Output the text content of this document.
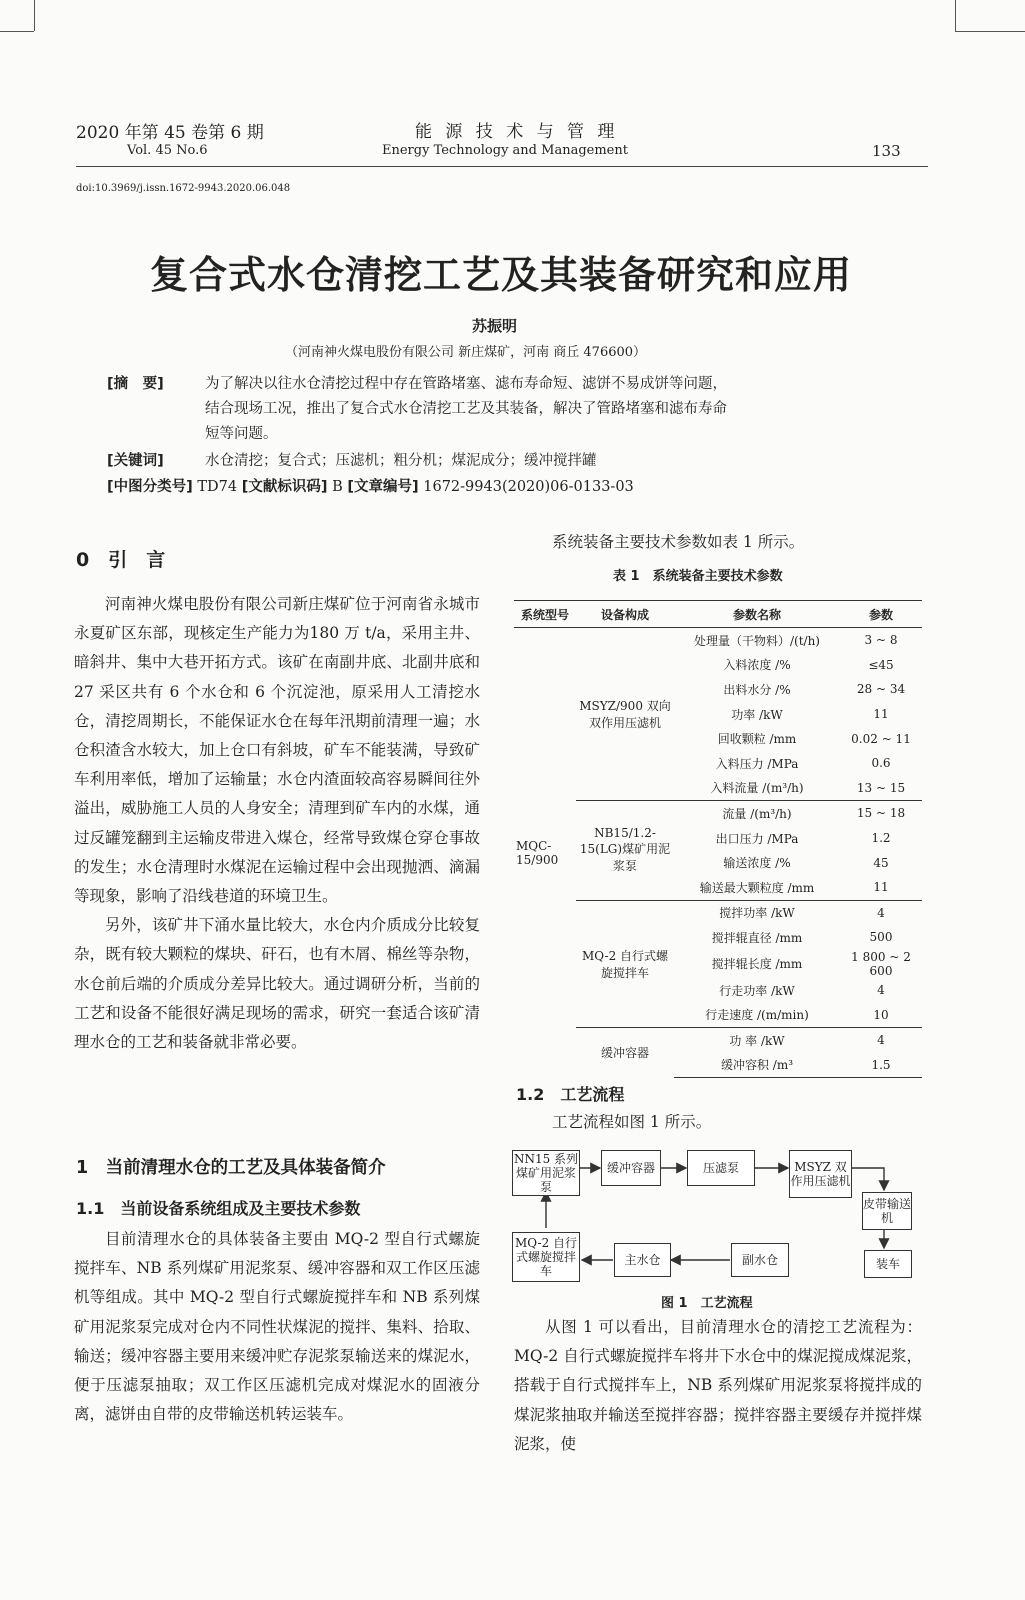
2020 年第 45 卷第 6 期
Vol. 45 No.6
能 源 技 术 与 管 理
Energy Technology and Management	133
doi:10.3969/j.issn.1672-9943.2020.06.048
复合式水仓清挖工艺及其装备研究和应用
苏振明
（河南神火煤电股份有限公司 新庄煤矿，河南 商丘 476600）
[摘　要]	为了解决以往水仓清挖过程中存在管路堵塞、滤布寿命短、滤饼不易成饼等问题，
结合现场工况，推出了复合式水仓清挖工艺及其装备，解决了管路堵塞和滤布寿命
短等问题。
[关键词]	水仓清挖；复合式；压滤机；粗分机；煤泥成分；缓冲搅拌罐
[中图分类号] TD74 [文献标识码] B [文章编号] 1672-9943(2020)06-0133-03
0　引　言

河南神火煤电股份有限公司新庄煤矿位于河南省永城市永夏矿区东部，现核定生产能力为180 万 t/a，采用主井、暗斜井、集中大巷开拓方式。该矿在南副井底、北副井底和 27 采区共有 6 个水仓和 6 个沉淀池，原采用人工清挖水仓，清挖周期长，不能保证水仓在每年汛期前清理一遍；水仓积渣含水较大，加上仓口有斜坡，矿车不能装满，导致矿车利用率低，增加了运输量；水仓内渣面较高容易瞬间往外溢出，威胁施工人员的人身安全；清理到矿车内的水煤，通过反罐笼翻到主运输皮带进入煤仓，经常导致煤仓穿仓事故的发生；水仓清理时水煤泥在运输过程中会出现抛洒、滴漏等现象，影响了沿线巷道的环境卫生。

另外，该矿井下涌水量比较大，水仓内介质成分比较复杂，既有较大颗粒的煤块、矸石，也有木屑、棉丝等杂物，水仓前后端的介质成分差异比较大。通过调研分析，当前的工艺和设备不能很好满足现场的需求，研究一套适合该矿清理水仓的工艺和装备就非常必要。

1　当前清理水仓的工艺及具体装备简介
1.1　当前设备系统组成及主要技术参数

目前清理水仓的具体装备主要由 MQ-2 型自行式螺旋搅拌车、NB 系列煤矿用泥浆泵、缓冲容器和双工作区压滤机等组成。其中 MQ-2 型自行式螺旋搅拌车和 NB 系列煤矿用泥浆泵完成对仓内不同性状煤泥的搅拌、集料、拾取、输送；缓冲容器主要用来缓冲贮存泥浆泵输送来的煤泥水，便于压滤泵抽取；双工作区压滤机完成对煤泥水的固液分离，滤饼由自带的皮带输送机转运装车。

系统装备主要技术参数如表 1 所示。
表 1　系统装备主要技术参数
系统型号	设备构成	参数名称	参数
MQC-15/900	MSYZ/900 双向双作用压滤机	处理量（干物料）/(t/h)	3 ~ 8
		入料浓度 /%	≤45
		出料水分 /%	28 ~ 34
		功率 /kW	11
		回收颗粒 /mm	0.02 ~ 11
		入料压力 /MPa	0.6
		入料流量 /(m³/h)	13 ~ 15
	NB15/1.2-15(LG)煤矿用泥浆泵	流量 /(m³/h)	15 ~ 18
		出口压力 /MPa	1.2
		输送浓度 /%	45
		输送最大颗粒度 /mm	11
	MQ-2 自行式螺旋搅拌车	搅拌功率 /kW	4
		搅拌辊直径 /mm	500
		搅拌辊长度 /mm	1 800 ~ 2 600
		行走功率 /kW	4
		行走速度 /(m/min)	10
	缓冲容器	功 率 /kW	4
		缓冲容积 /m³	1.5
1.2　工艺流程
工艺流程如图 1 所示。
NN15 系列煤矿用泥浆泵
缓冲容器	压滤泵	MSYZ 双作用压滤机
皮带输送机
装车
MQ-2 自行式螺旋搅拌车
主水仓	副水仓
图 1　工艺流程

从图 1 可以看出，目前清理水仓的清挖工艺流程为：MQ-2 自行式螺旋搅拌车将井下水仓中的煤泥搅成煤泥浆，搭载于自行式搅拌车上，NB 系列煤矿用泥浆泵将搅拌成的煤泥浆抽取并输送至搅拌容器；搅拌容器主要缓存并搅拌煤泥浆，使
